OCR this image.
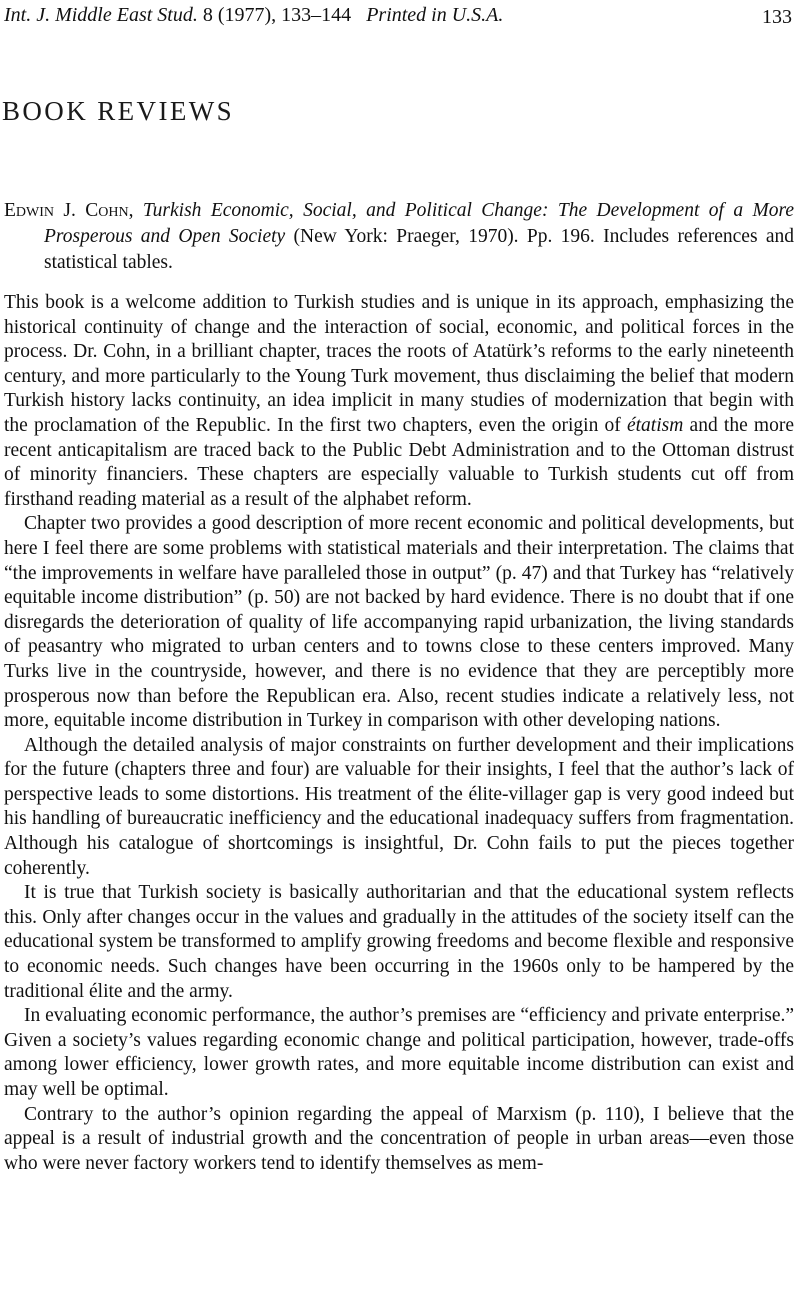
Int. J. Middle East Stud. 8 (1977), 133–144 Printed in U.S.A.	133
BOOK REVIEWS

Edwin J. Cohn, Turkish Economic, Social, and Political Change: The Development of a More Prosperous and Open Society (New York: Praeger, 1970). Pp. 196. Includes references and statistical tables.

This book is a welcome addition to Turkish studies and is unique in its approach, emphasizing the historical continuity of change and the interaction of social, economic, and political forces in the process. Dr. Cohn, in a brilliant chapter, traces the roots of Atatürk’s reforms to the early nineteenth century, and more particularly to the Young Turk movement, thus disclaiming the belief that modern Turkish history lacks continuity, an idea implicit in many studies of modernization that begin with the proclamation of the Republic. In the first two chapters, even the origin of étatism and the more recent anticapitalism are traced back to the Public Debt Administration and to the Ottoman distrust of minority financiers. These chapters are especially valuable to Turkish students cut off from firsthand reading material as a result of the alphabet reform.

Chapter two provides a good description of more recent economic and political developments, but here I feel there are some problems with statistical materials and their interpretation. The claims that “the improvements in welfare have paralleled those in output” (p. 47) and that Turkey has “relatively equitable income distribution” (p. 50) are not backed by hard evidence. There is no doubt that if one disregards the deterioration of quality of life accompanying rapid urbanization, the living standards of peasantry who migrated to urban centers and to towns close to these centers improved. Many Turks live in the countryside, however, and there is no evidence that they are perceptibly more prosperous now than before the Republican era. Also, recent studies indicate a relatively less, not more, equitable income distribution in Turkey in comparison with other developing nations.

Although the detailed analysis of major constraints on further development and their implications for the future (chapters three and four) are valuable for their insights, I feel that the author’s lack of perspective leads to some distortions. His treatment of the élite-villager gap is very good indeed but his handling of bureaucratic inefficiency and the educational inadequacy suffers from fragmentation. Although his catalogue of shortcomings is insightful, Dr. Cohn fails to put the pieces together coherently.

It is true that Turkish society is basically authoritarian and that the educational system reflects this. Only after changes occur in the values and gradually in the attitudes of the society itself can the educational system be transformed to amplify growing freedoms and become flexible and responsive to economic needs. Such changes have been occurring in the 1960s only to be hampered by the traditional élite and the army.

In evaluating economic performance, the author’s premises are “efficiency and private enterprise.” Given a society’s values regarding economic change and political participation, however, trade-offs among lower efficiency, lower growth rates, and more equitable income distribution can exist and may well be optimal.

Contrary to the author’s opinion regarding the appeal of Marxism (p. 110), I believe that the appeal is a result of industrial growth and the concentration of people in urban areas—even those who were never factory workers tend to identify themselves as mem-
